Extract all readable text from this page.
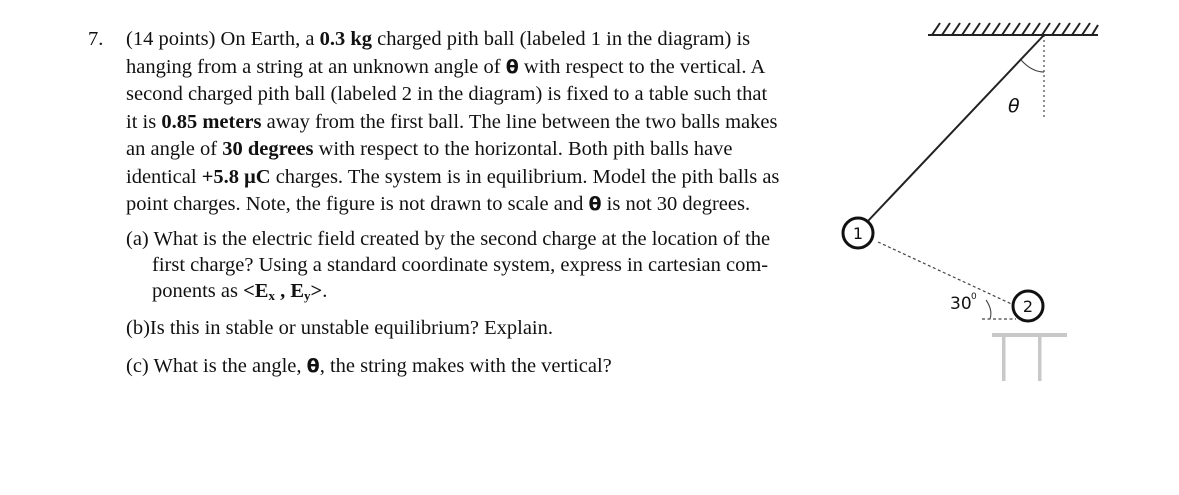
7. (14 points) On Earth, a 0.3 kg charged pith ball (labeled 1 in the diagram) is
hanging from a string at an unknown angle of θ with respect to the vertical. A
second charged pith ball (labeled 2 in the diagram) is fixed to a table such that
it is 0.85 meters away from the first ball. The line between the two balls makes
an angle of 30 degrees with respect to the horizontal. Both pith balls have
identical +5.8 μC charges. The system is in equilibrium. Model the pith balls as
point charges. Note, the figure is not drawn to scale and θ is not 30 degrees.
(a) What is the electric field created by the second charge at the location of the
first charge? Using a standard coordinate system, express in cartesian com-
ponents as $<E_x$ , $E_y>$.
(b)Is this in stable or unstable equilibrium? Explain.
(c) What is the angle, θ, the string makes with the vertical?
θ
30 0
1
2
